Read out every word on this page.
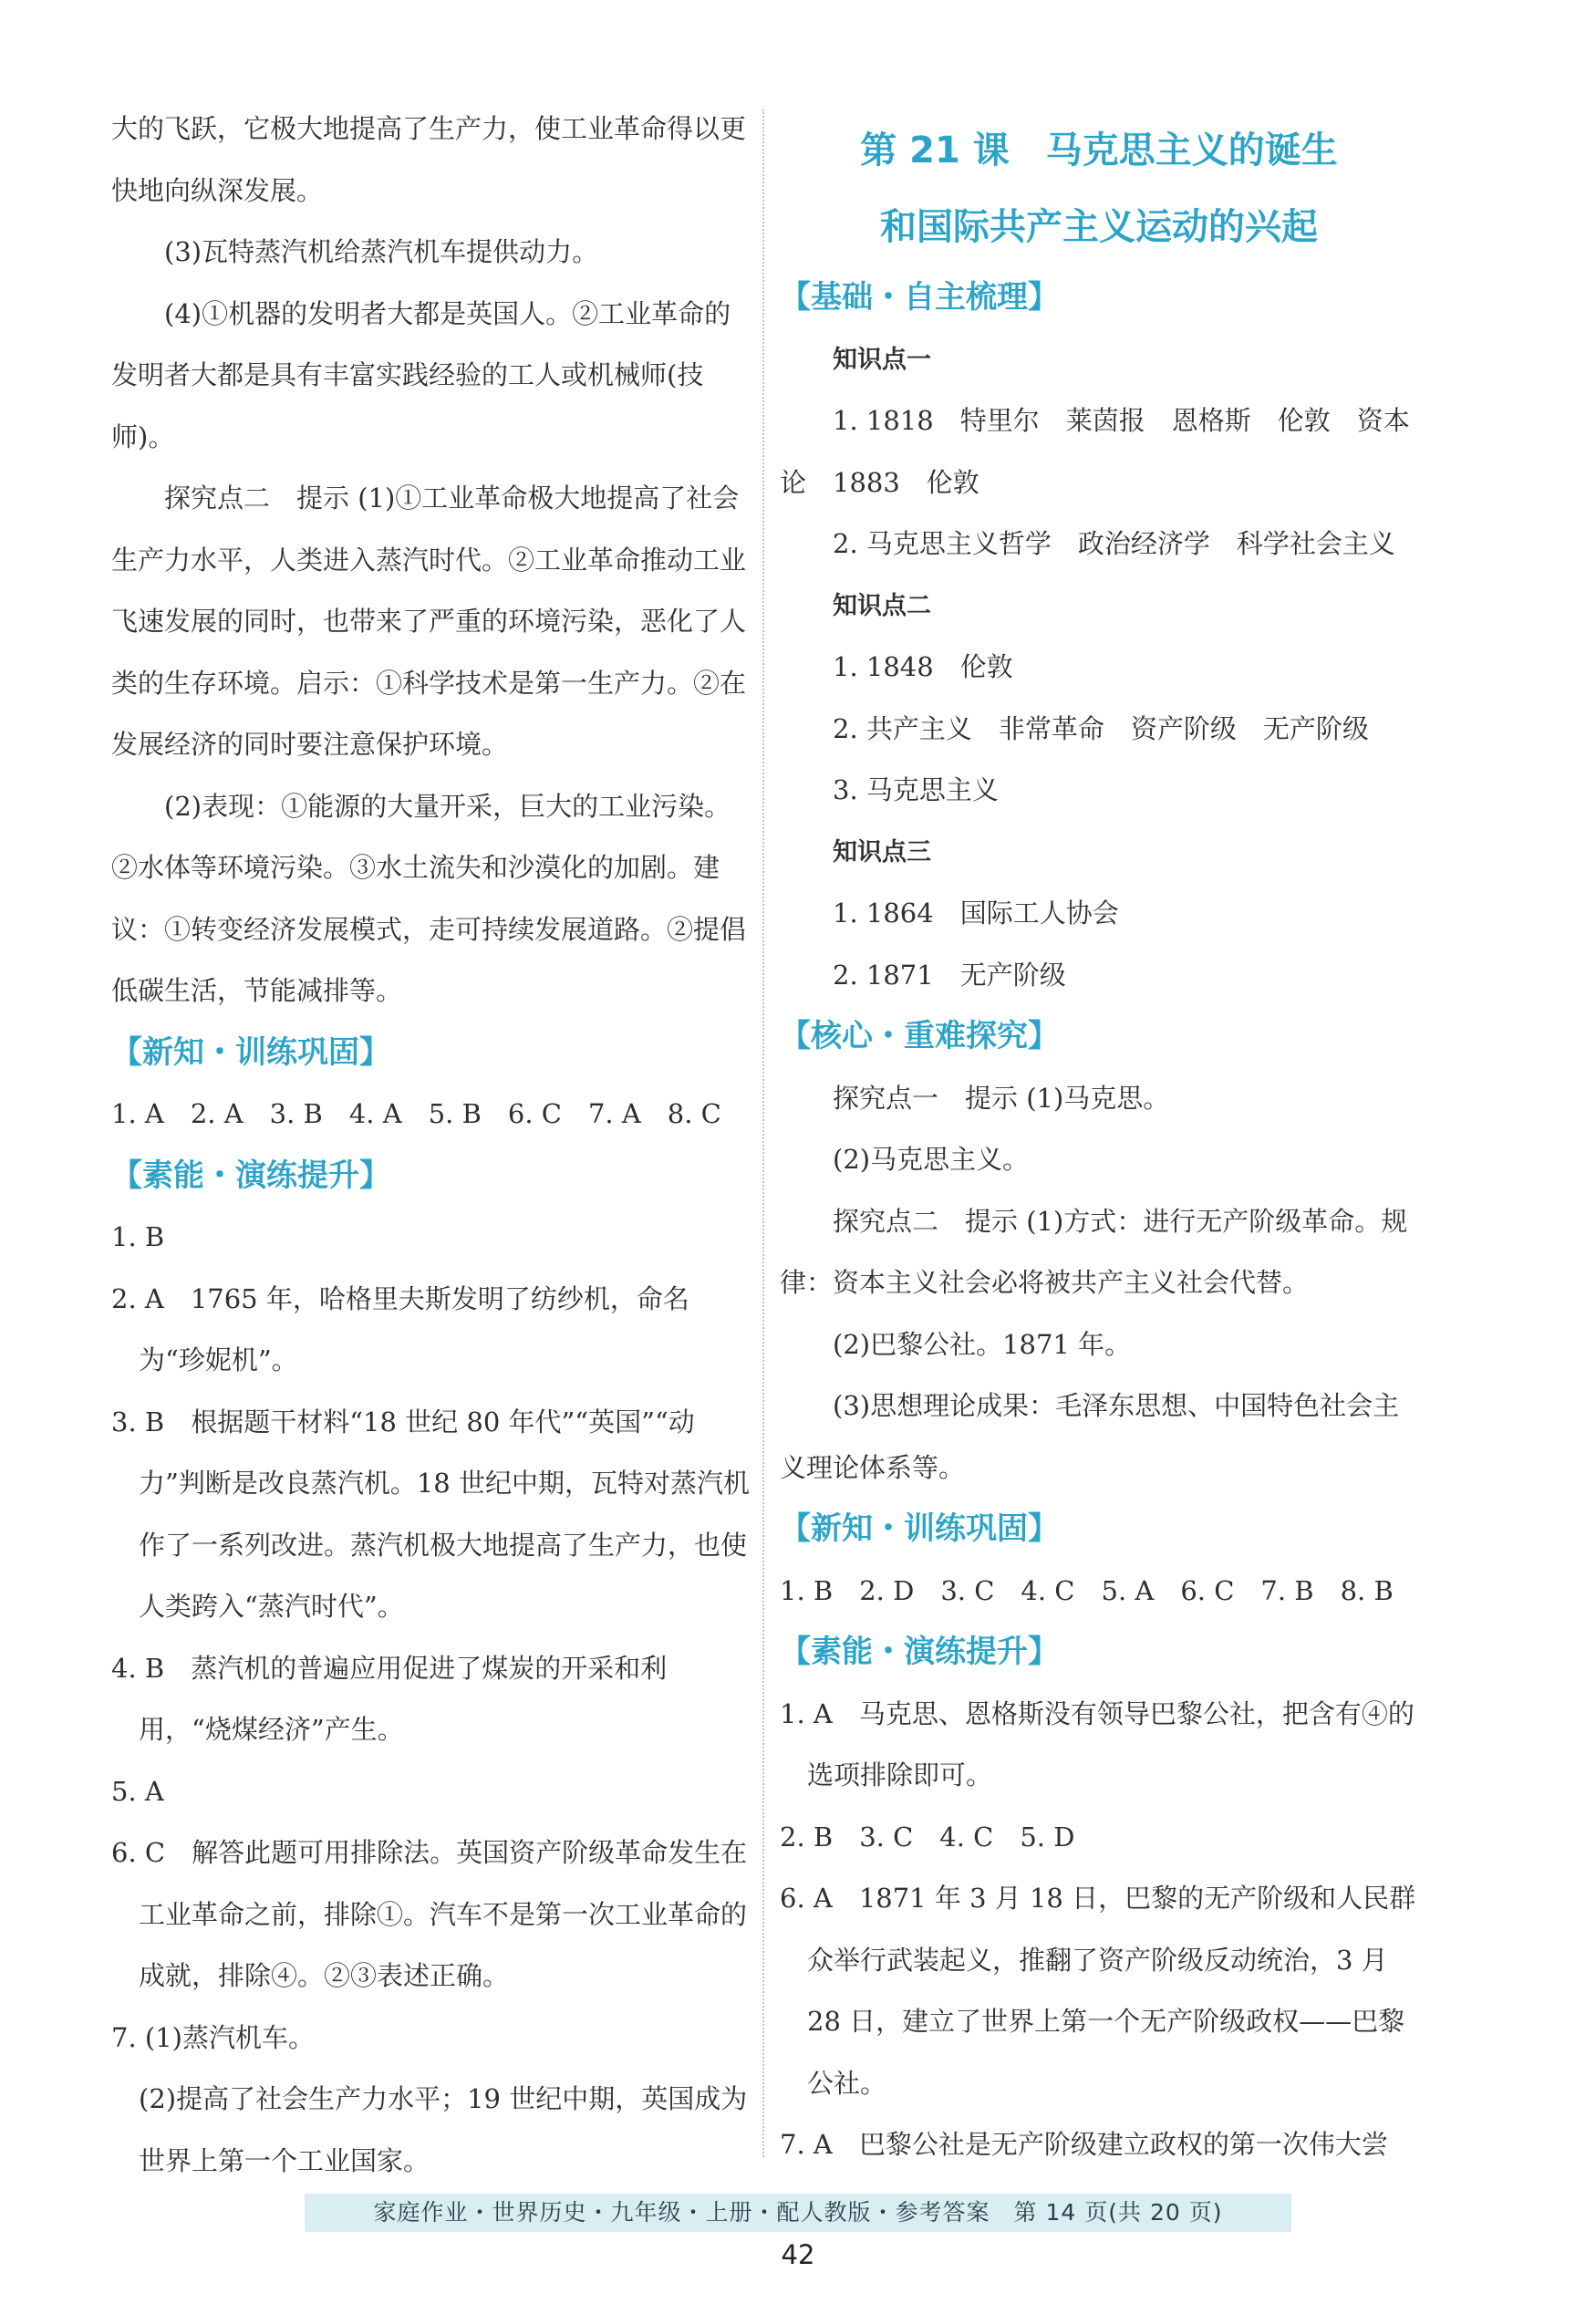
大的飞跃，它极大地提高了生产力，使工业革命得以更快地向纵深发展。

(3)瓦特蒸汽机给蒸汽机车提供动力。

(4)①机器的发明者大都是英国人。②工业革命的发明者大都是具有丰富实践经验的工人或机械师(技师)。

探究点二　提示 (1)①工业革命极大地提高了社会生产力水平，人类进入蒸汽时代。②工业革命推动工业飞速发展的同时，也带来了严重的环境污染，恶化了人类的生存环境。启示：①科学技术是第一生产力。②在发展经济的同时要注意保护环境。

(2)表现：①能源的大量开采，巨大的工业污染。②水体等环境污染。③水土流失和沙漠化的加剧。建议：①转变经济发展模式，走可持续发展道路。②提倡低碳生活，节能减排等。

【新知・训练巩固】

1. A　2. A　3. B　4. A　5. B　6. C　7. A　8. C

【素能・演练提升】

1. B

2. A　1765 年，哈格里夫斯发明了纺纱机，命名为“珍妮机”。

3. B　根据题干材料“18 世纪 80 年代”“英国”“动力”判断是改良蒸汽机。18 世纪中期，瓦特对蒸汽机作了一系列改进。蒸汽机极大地提高了生产力，也使人类跨入“蒸汽时代”。

4. B　蒸汽机的普遍应用促进了煤炭的开采和利用，“烧煤经济”产生。

5. A

6. C　解答此题可用排除法。英国资产阶级革命发生在工业革命之前，排除①。汽车不是第一次工业革命的成就，排除④。②③表述正确。

7. (1)蒸汽机车。

(2)提高了社会生产力水平；19 世纪中期，英国成为世界上第一个工业国家。

第 21 课　马克思主义的诞生

和国际共产主义运动的兴起

【基础・自主梳理】

知识点一

1. 1818　特里尔　莱茵报　恩格斯　伦敦　资本论　1883　伦敦

2. 马克思主义哲学　政治经济学　科学社会主义

知识点二

1. 1848　伦敦

2. 共产主义　非常革命　资产阶级　无产阶级

3. 马克思主义

知识点三

1. 1864　国际工人协会

2. 1871　无产阶级

【核心・重难探究】

探究点一　提示 (1)马克思。

(2)马克思主义。

探究点二　提示 (1)方式：进行无产阶级革命。规律：资本主义社会必将被共产主义社会代替。

(2)巴黎公社。1871 年。

(3)思想理论成果：毛泽东思想、中国特色社会主义理论体系等。

【新知・训练巩固】

1. B　2. D　3. C　4. C　5. A　6. C　7. B　8. B

【素能・演练提升】

1. A　马克思、恩格斯没有领导巴黎公社，把含有④的选项排除即可。

2. B　3. C　4. C　5. D

6. A　1871 年 3 月 18 日，巴黎的无产阶级和人民群众举行武装起义，推翻了资产阶级反动统治，3 月 28 日，建立了世界上第一个无产阶级政权——巴黎公社。

7. A　巴黎公社是无产阶级建立政权的第一次伟大尝

家庭作业・世界历史・九年级・上册・配人教版・参考答案　第 14 页(共 20 页)
42
